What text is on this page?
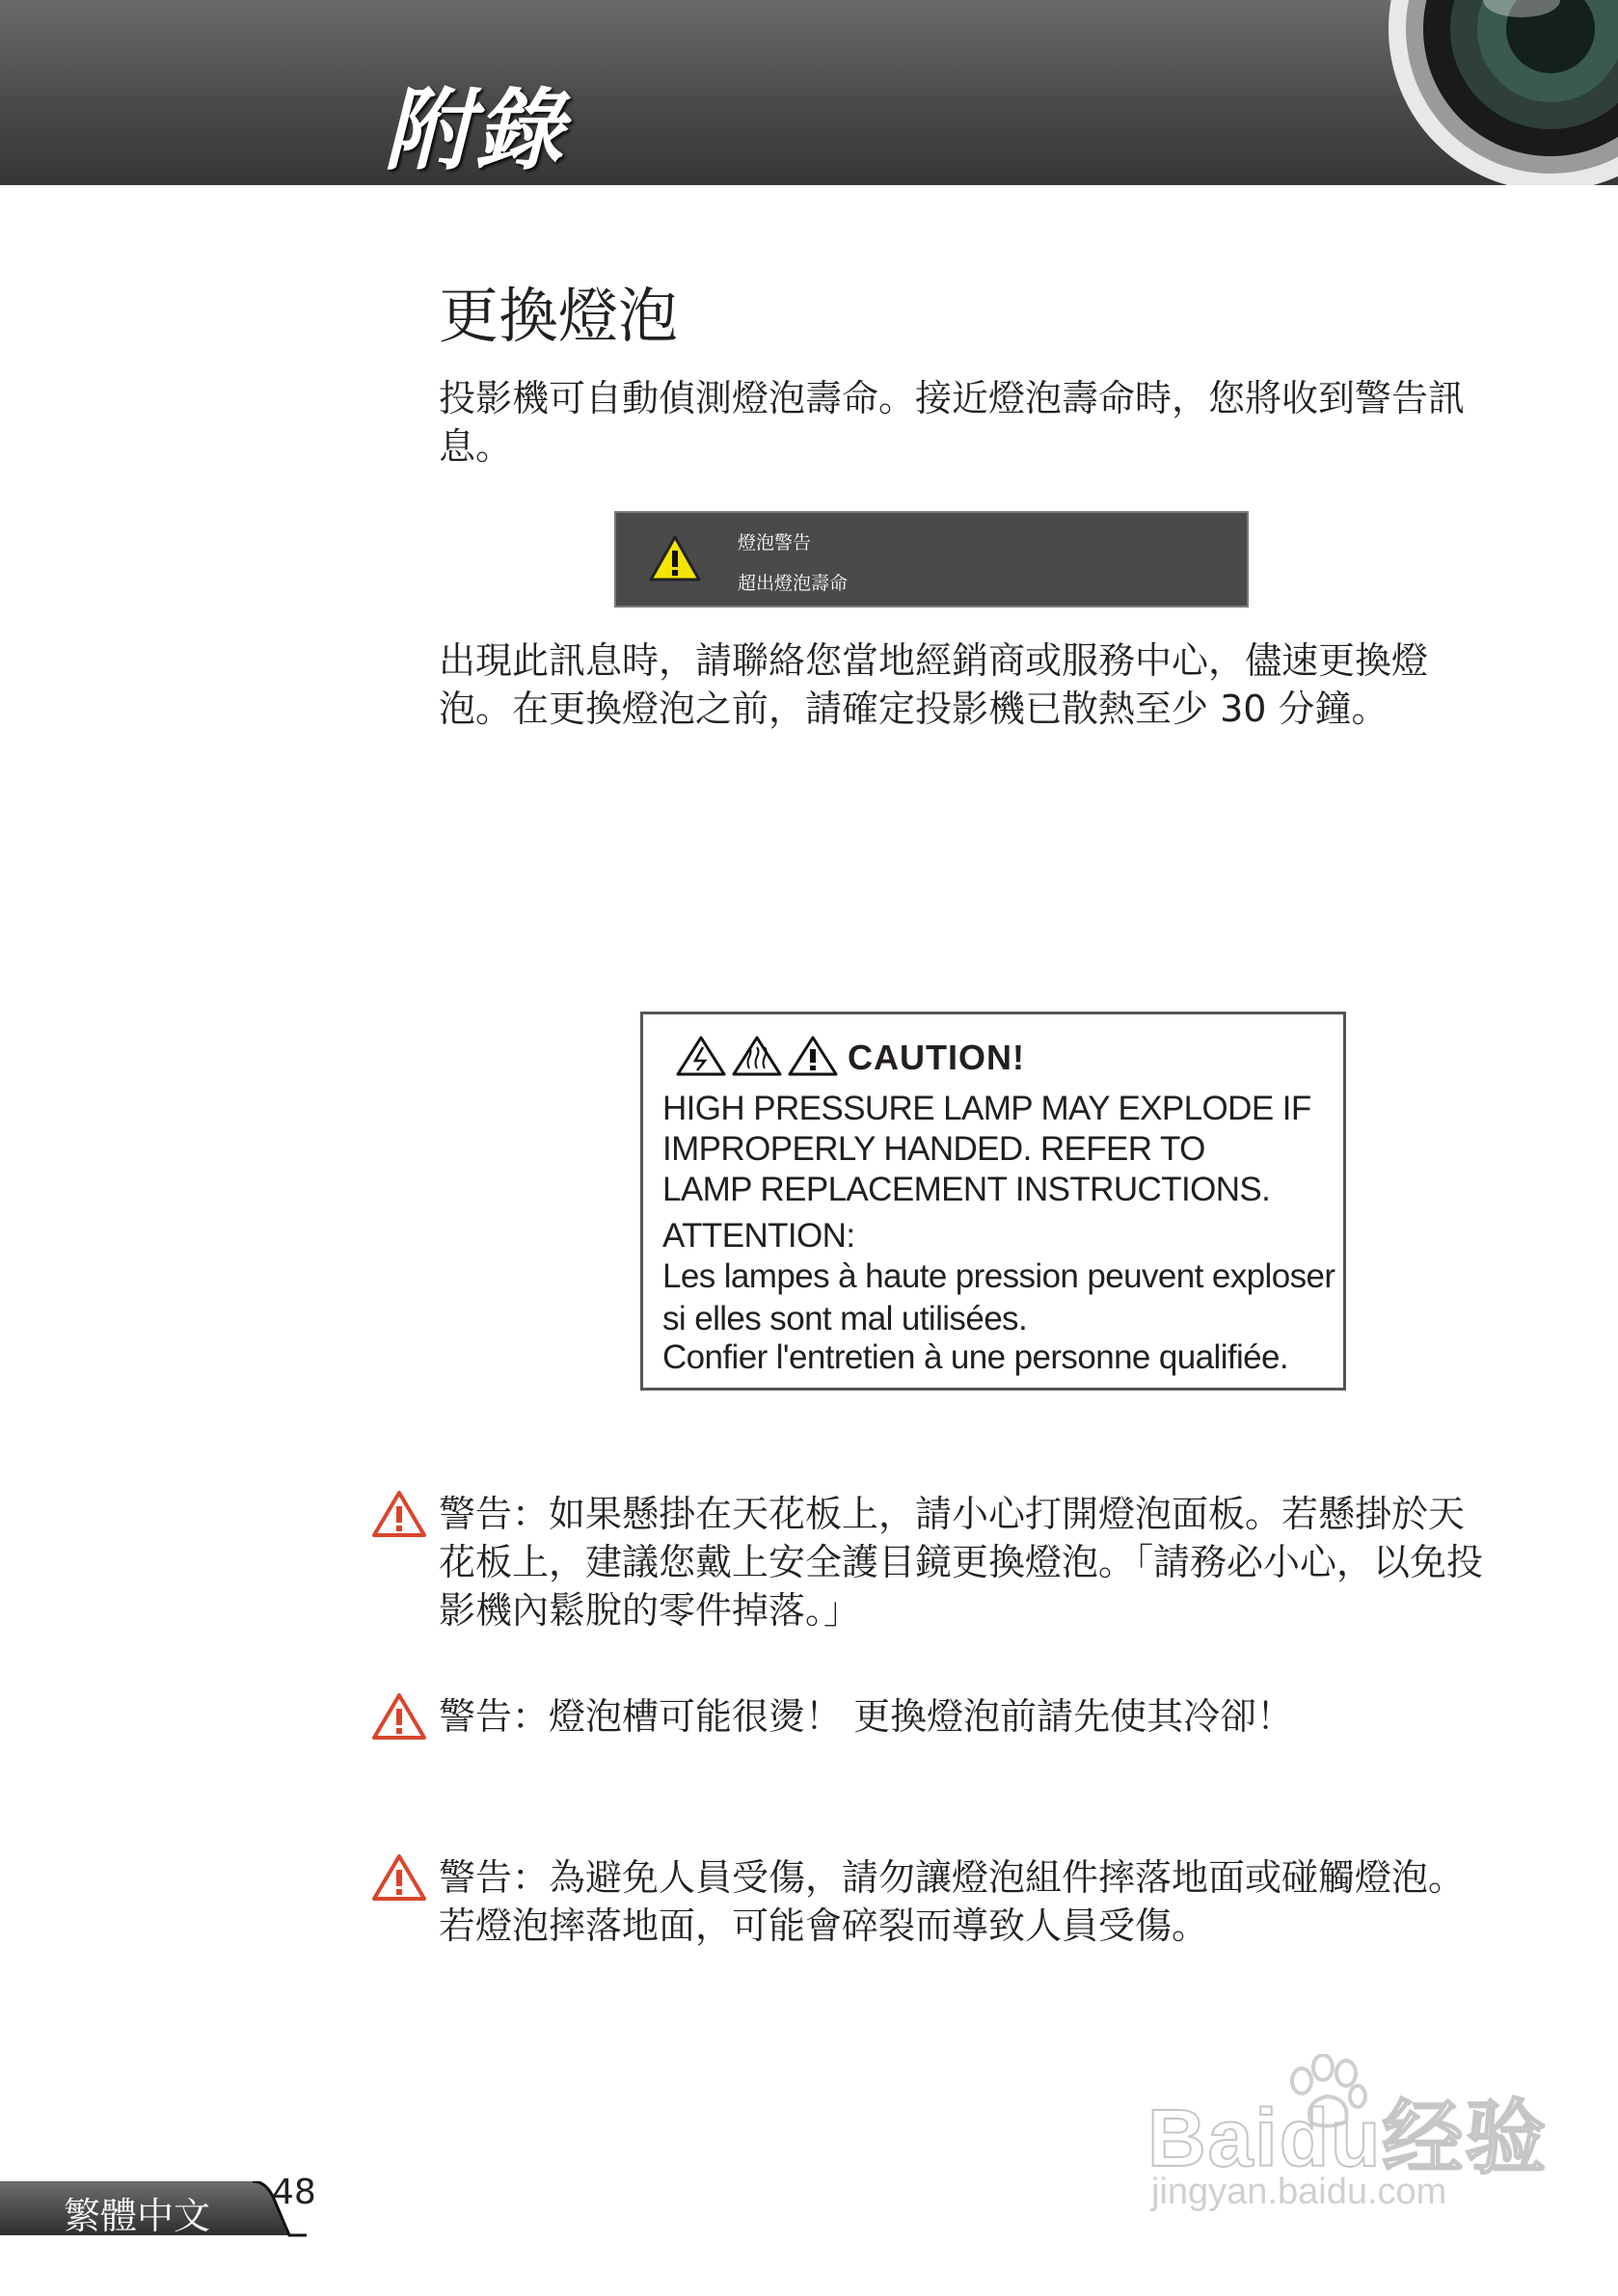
附錄
更換燈泡
投影機可自動偵測燈泡壽命。接近燈泡壽命時，您將收到警告訊息。
燈泡警告
超出燈泡壽命
出現此訊息時，請聯絡您當地經銷商或服務中心，儘速更換燈泡。在更換燈泡之前，請確定投影機已散熱至少 30 分鐘。
CAUTION!
HIGH PRESSURE LAMP MAY EXPLODE IF
IMPROPERLY HANDED. REFER TO
LAMP REPLACEMENT INSTRUCTIONS.
ATTENTION:
Les lampes à haute pression peuvent exploser
si elles sont mal utilisées.
Confier l'entretien à une personne qualifiée.
警告：如果懸掛在天花板上，請小心打開燈泡面板。若懸掛於天花板上，建議您戴上安全護目鏡更換燈泡。「請務必小心，以免投影機內鬆脫的零件掉落。」
警告：燈泡槽可能很燙！ 更換燈泡前請先使其冷卻！
警告：為避免人員受傷，請勿讓燈泡組件摔落地面或碰觸燈泡。若燈泡摔落地面，可能會碎裂而導致人員受傷。
繁體中文
48
Baidu经验
jingyan.baidu.com
